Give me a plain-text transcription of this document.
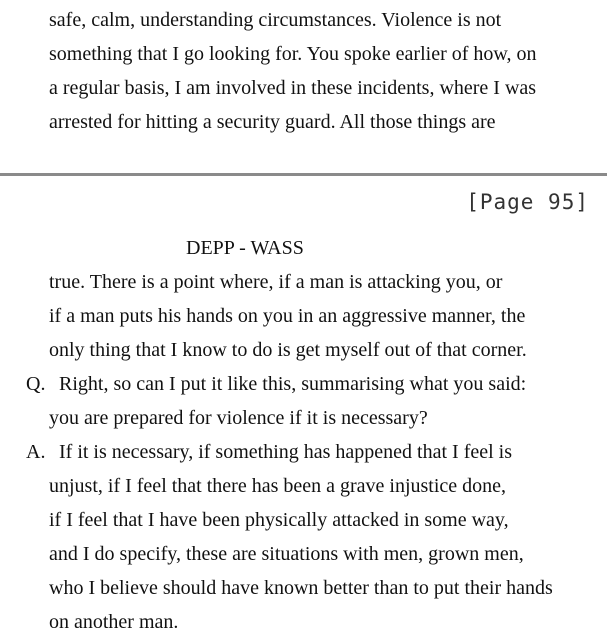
safe, calm, understanding circumstances. Violence is not
something that I go looking for. You spoke earlier of how, on
a regular basis, I am involved in these incidents, where I was
arrested for hitting a security guard. All those things are
[Page 95]
DEPP - WASS
true. There is a point where, if a man is attacking you, or
if a man puts his hands on you in an aggressive manner, the
only thing that I know to do is get myself out of that corner.
Q. Right, so can I put it like this, summarising what you said:
you are prepared for violence if it is necessary?
A. If it is necessary, if something has happened that I feel is
unjust, if I feel that there has been a grave injustice done,
if I feel that I have been physically attacked in some way,
and I do specify, these are situations with men, grown men,
who I believe should have known better than to put their hands
on another man.
